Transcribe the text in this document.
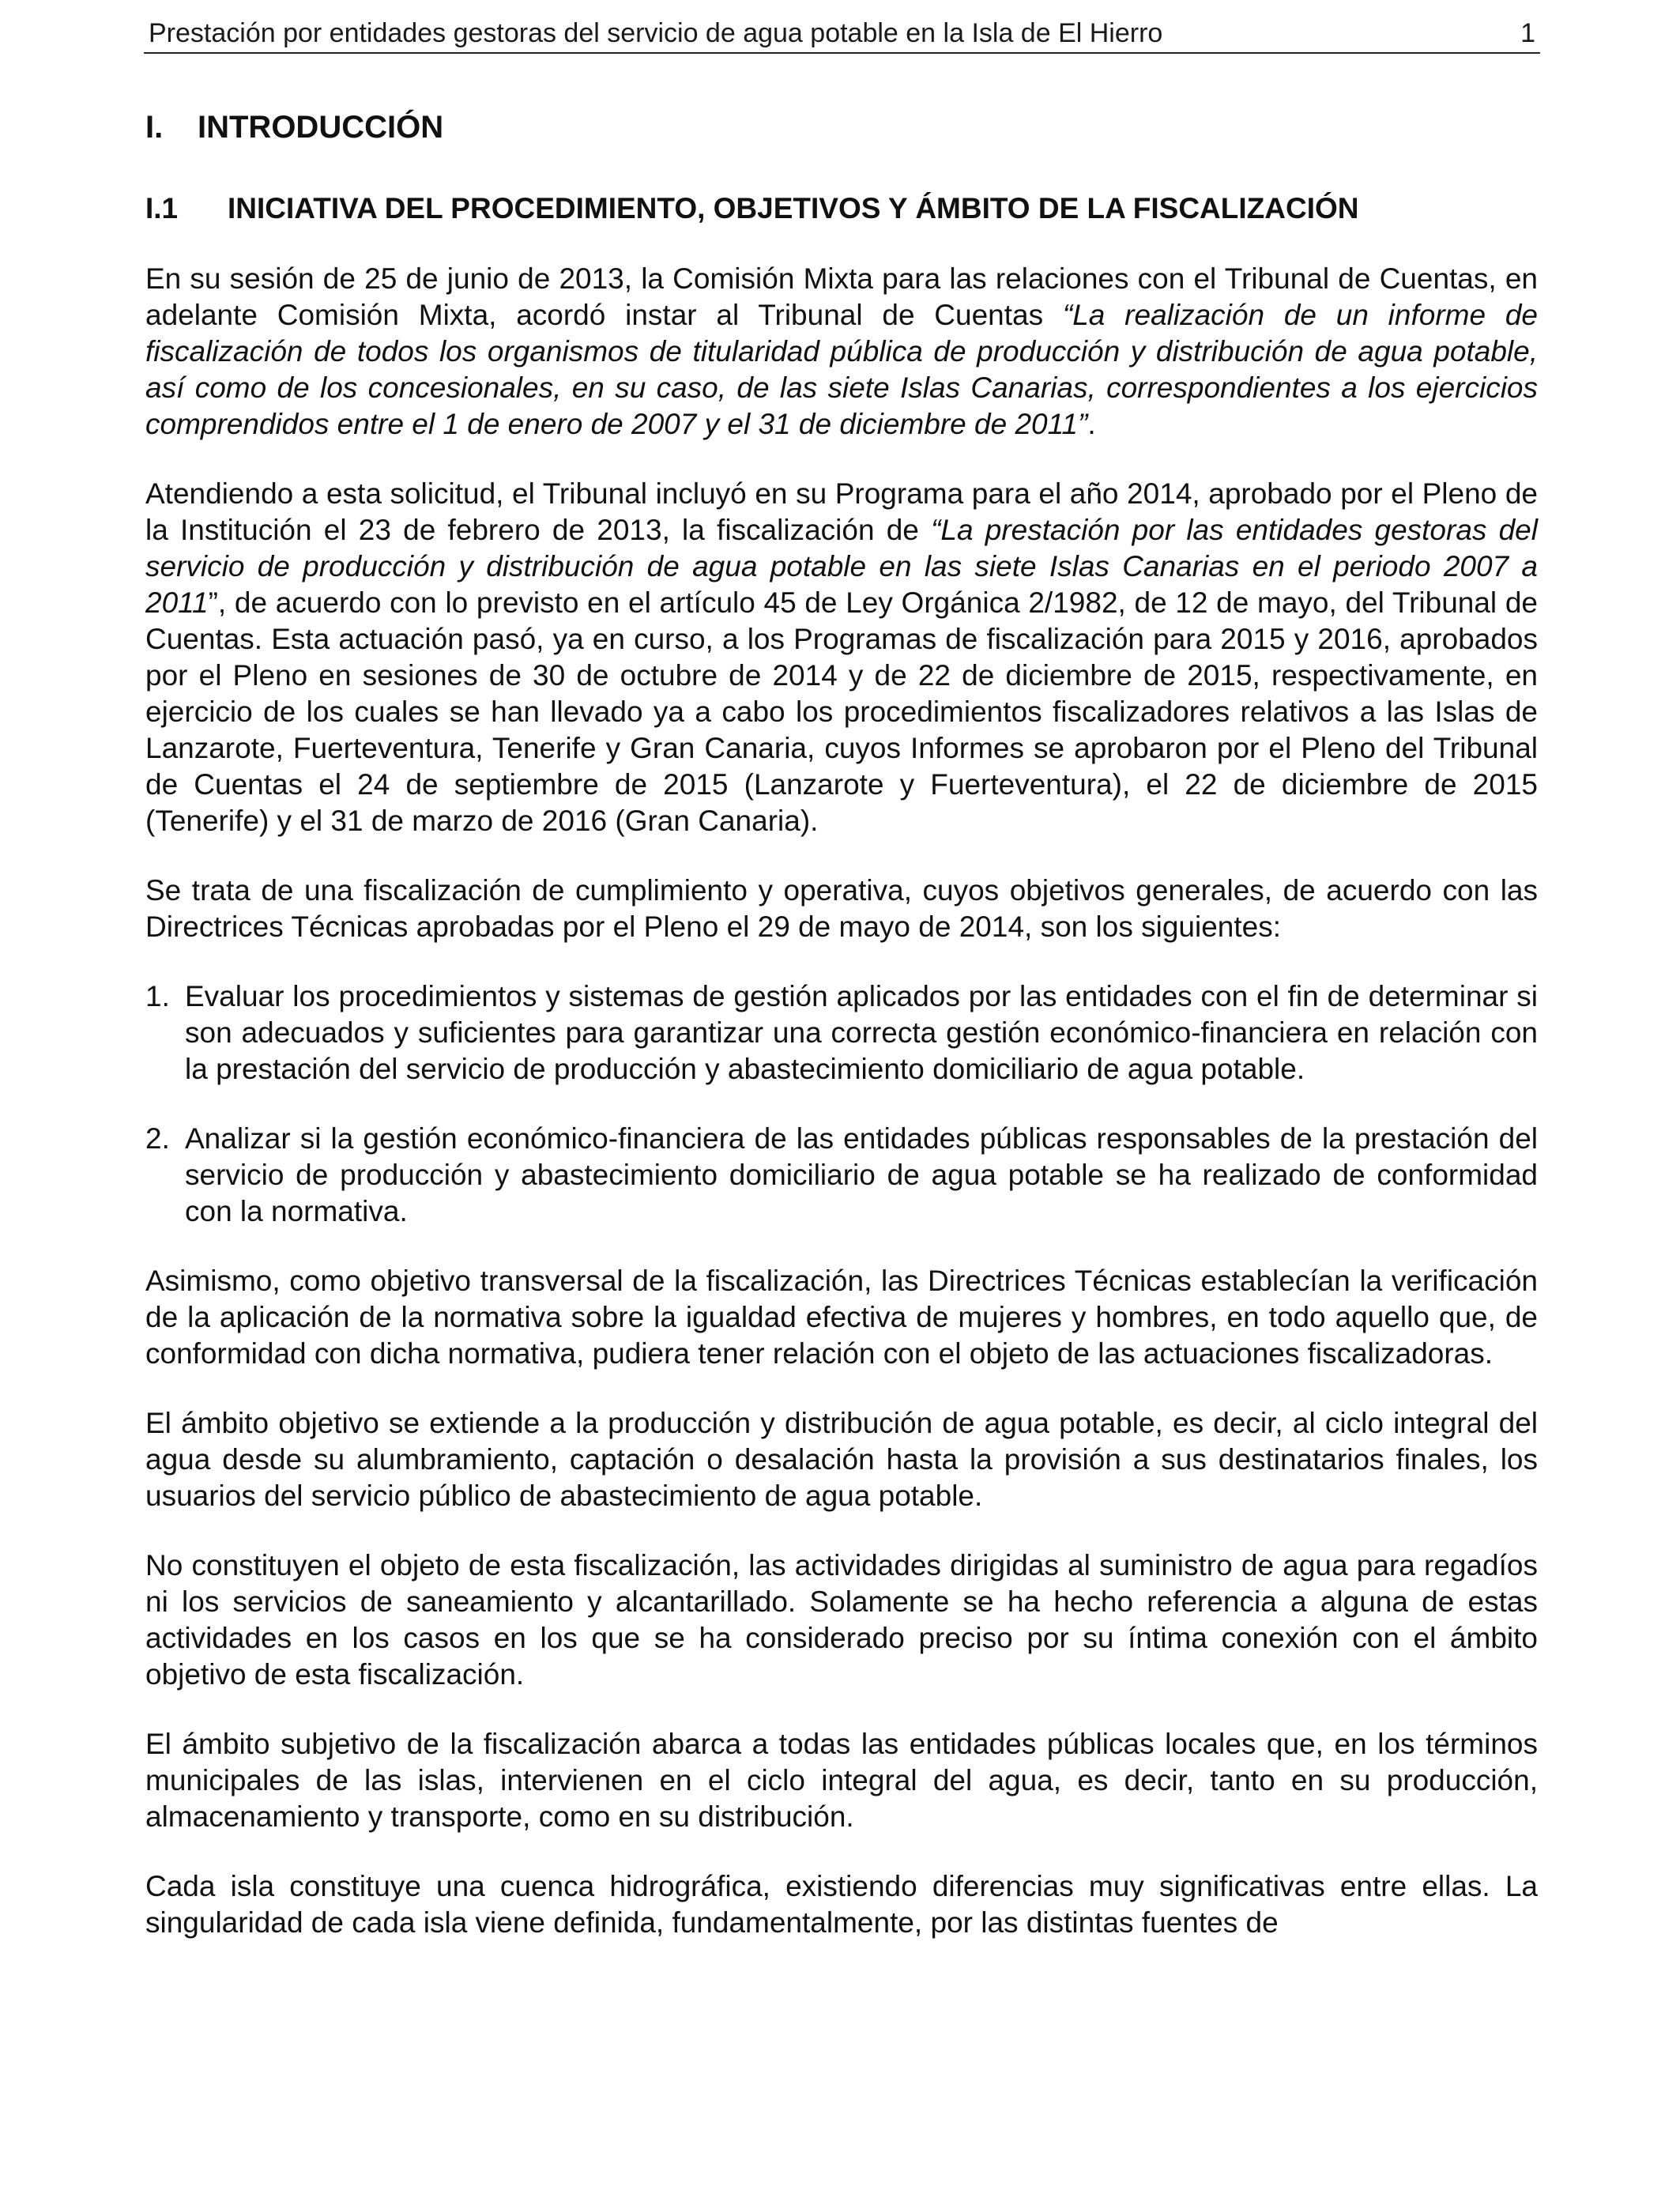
Prestación por entidades gestoras del servicio de agua potable en la Isla de El Hierro	1
I. INTRODUCCIÓN
I.1 INICIATIVA DEL PROCEDIMIENTO, OBJETIVOS Y ÁMBITO DE LA FISCALIZACIÓN

En su sesión de 25 de junio de 2013, la Comisión Mixta para las relaciones con el Tribunal de Cuentas, en adelante Comisión Mixta, acordó instar al Tribunal de Cuentas “La realización de un informe de fiscalización de todos los organismos de titularidad pública de producción y distribución de agua potable, así como de los concesionales, en su caso, de las siete Islas Canarias, correspondientes a los ejercicios comprendidos entre el 1 de enero de 2007 y el 31 de diciembre de 2011”.

Atendiendo a esta solicitud, el Tribunal incluyó en su Programa para el año 2014, aprobado por el Pleno de la Institución el 23 de febrero de 2013, la fiscalización de “La prestación por las entidades gestoras del servicio de producción y distribución de agua potable en las siete Islas Canarias en el periodo 2007 a 2011”, de acuerdo con lo previsto en el artículo 45 de Ley Orgánica 2/1982, de 12 de mayo, del Tribunal de Cuentas. Esta actuación pasó, ya en curso, a los Programas de fiscalización para 2015 y 2016, aprobados por el Pleno en sesiones de 30 de octubre de 2014 y de 22 de diciembre de 2015, respectivamente, en ejercicio de los cuales se han llevado ya a cabo los procedimientos fiscalizadores relativos a las Islas de Lanzarote, Fuerteventura, Tenerife y Gran Canaria, cuyos Informes se aprobaron por el Pleno del Tribunal de Cuentas el 24 de septiembre de 2015 (Lanzarote y Fuerteventura), el 22 de diciembre de 2015 (Tenerife) y el 31 de marzo de 2016 (Gran Canaria).

Se trata de una fiscalización de cumplimiento y operativa, cuyos objetivos generales, de acuerdo con las Directrices Técnicas aprobadas por el Pleno el 29 de mayo de 2014, son los siguientes:

1. Evaluar los procedimientos y sistemas de gestión aplicados por las entidades con el fin de determinar si son adecuados y suficientes para garantizar una correcta gestión económico-financiera en relación con la prestación del servicio de producción y abastecimiento domiciliario de agua potable.
2. Analizar si la gestión económico-financiera de las entidades públicas responsables de la prestación del servicio de producción y abastecimiento domiciliario de agua potable se ha realizado de conformidad con la normativa.

Asimismo, como objetivo transversal de la fiscalización, las Directrices Técnicas establecían la verificación de la aplicación de la normativa sobre la igualdad efectiva de mujeres y hombres, en todo aquello que, de conformidad con dicha normativa, pudiera tener relación con el objeto de las actuaciones fiscalizadoras.

El ámbito objetivo se extiende a la producción y distribución de agua potable, es decir, al ciclo integral del agua desde su alumbramiento, captación o desalación hasta la provisión a sus destinatarios finales, los usuarios del servicio público de abastecimiento de agua potable.

No constituyen el objeto de esta fiscalización, las actividades dirigidas al suministro de agua para regadíos ni los servicios de saneamiento y alcantarillado. Solamente se ha hecho referencia a alguna de estas actividades en los casos en los que se ha considerado preciso por su íntima conexión con el ámbito objetivo de esta fiscalización.

El ámbito subjetivo de la fiscalización abarca a todas las entidades públicas locales que, en los términos municipales de las islas, intervienen en el ciclo integral del agua, es decir, tanto en su producción, almacenamiento y transporte, como en su distribución.

Cada isla constituye una cuenca hidrográfica, existiendo diferencias muy significativas entre ellas. La singularidad de cada isla viene definida, fundamentalmente, por las distintas fuentes de
